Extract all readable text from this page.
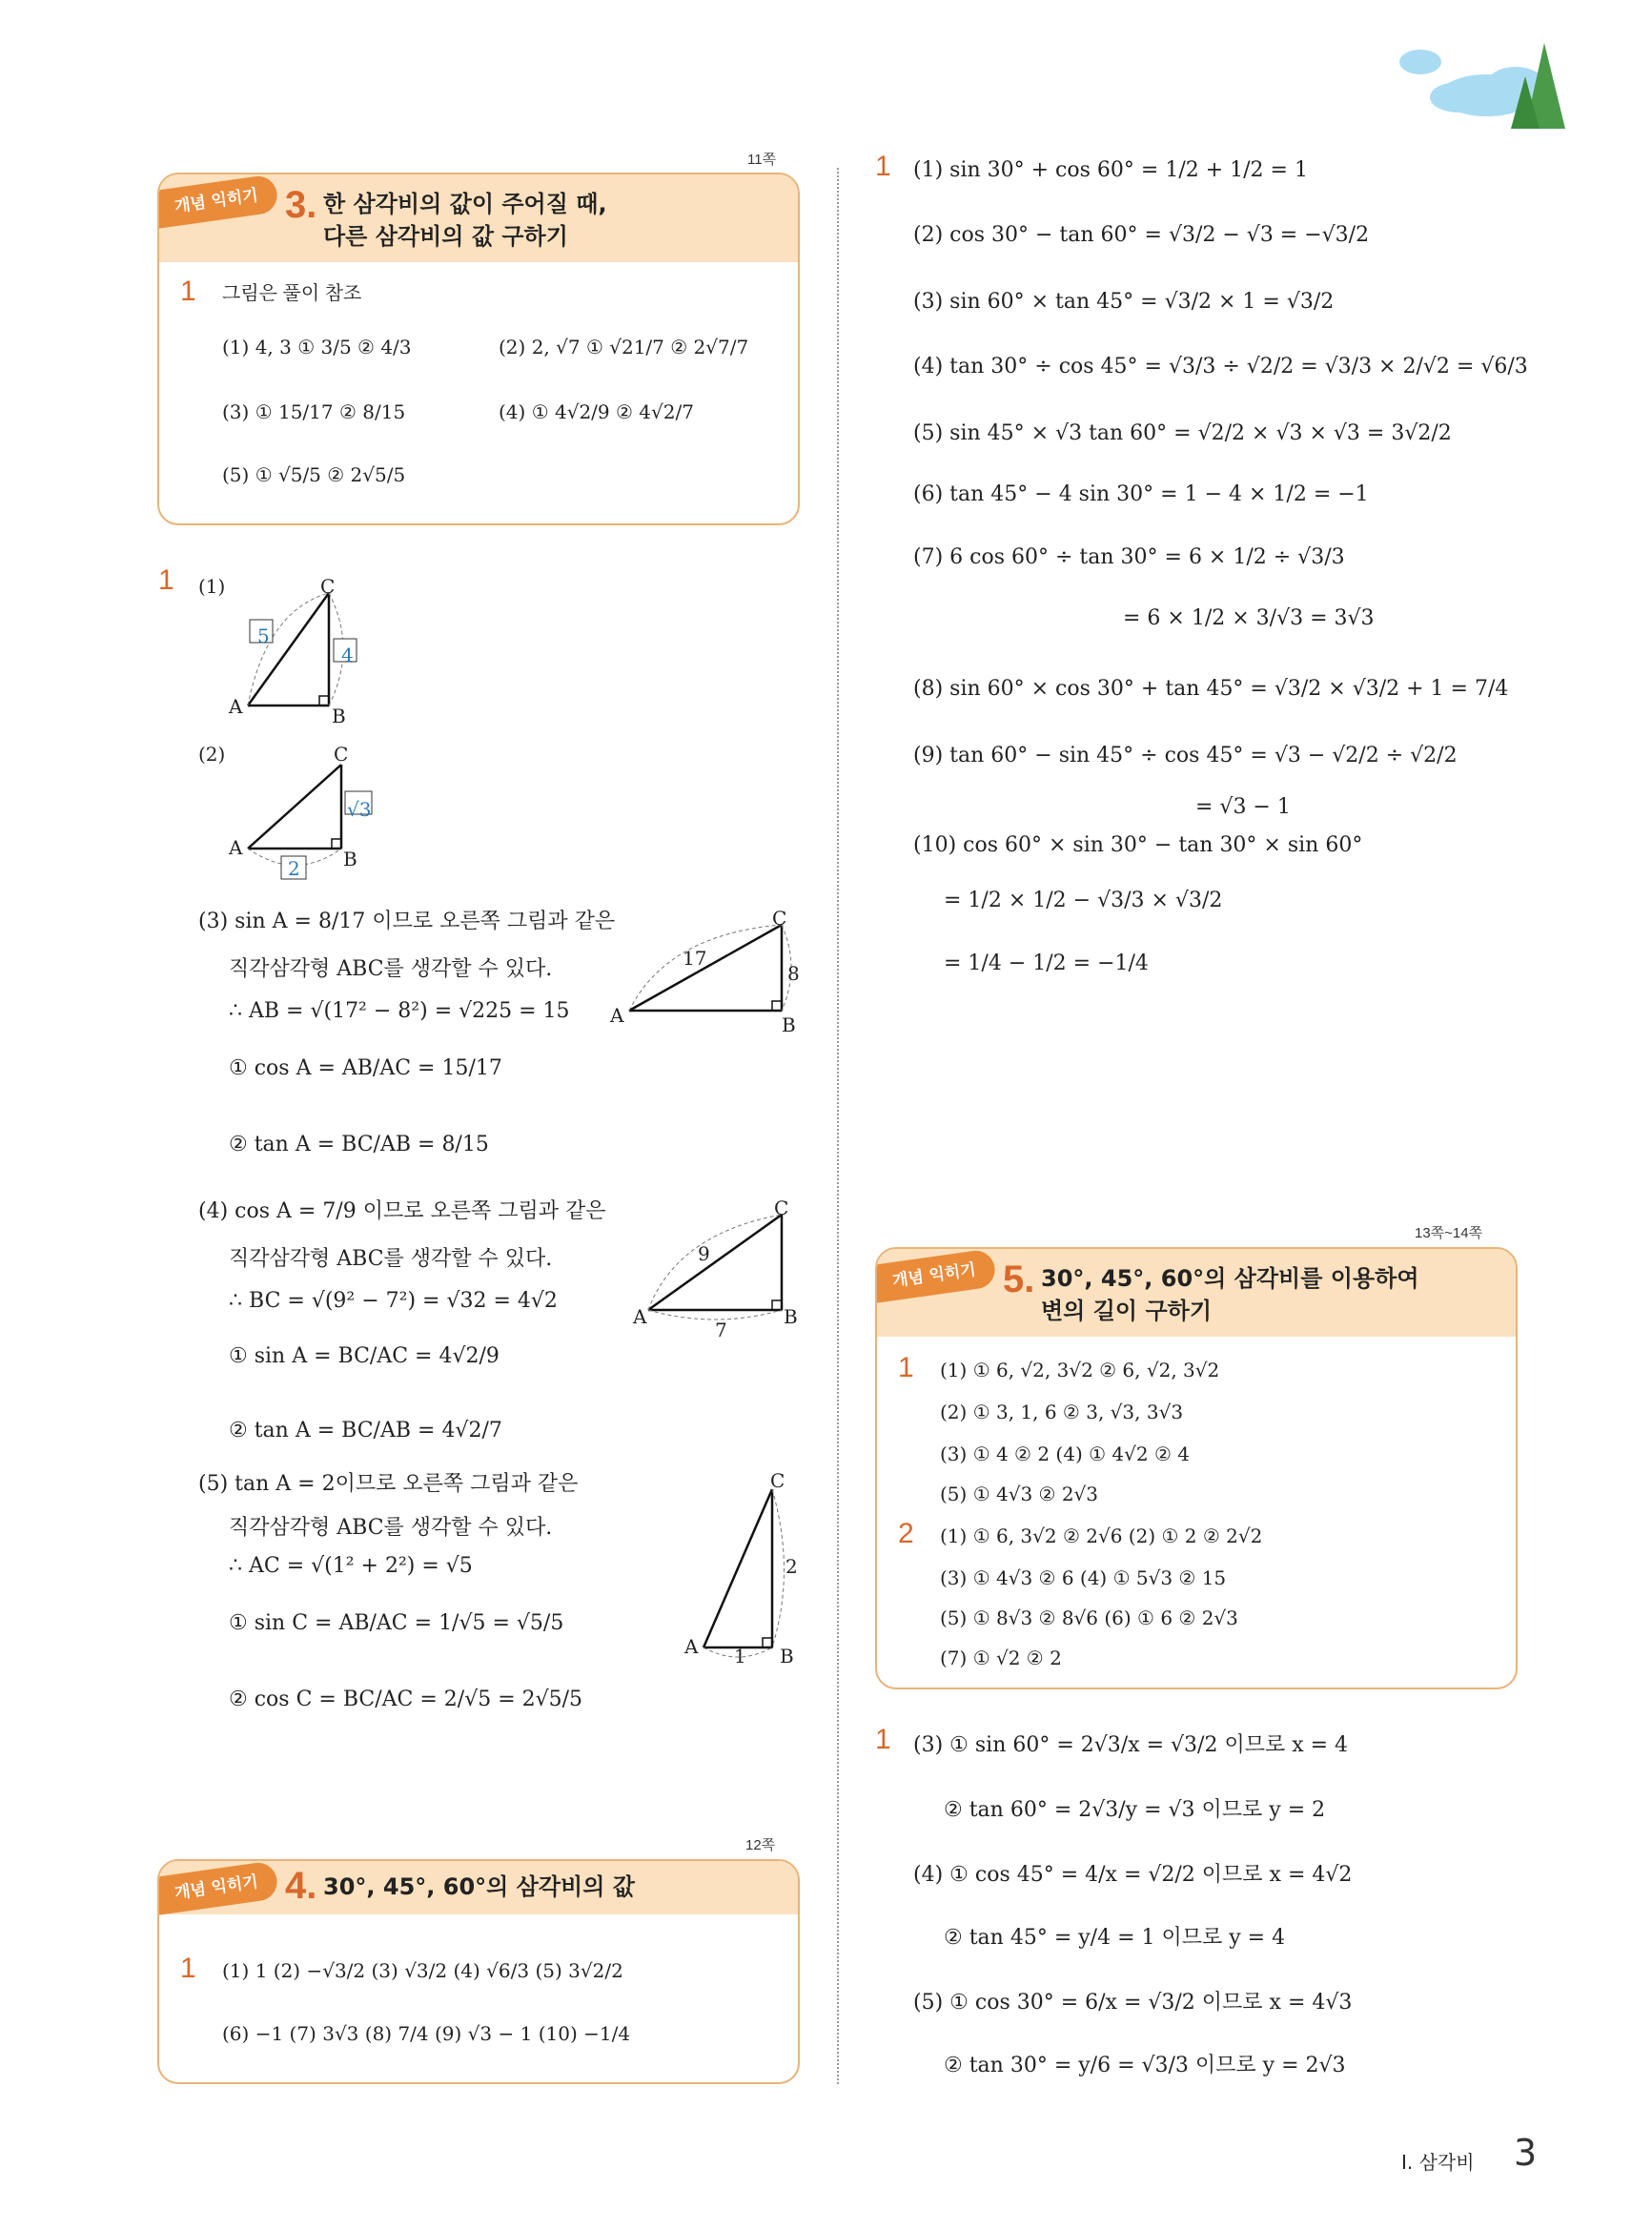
11쪽
개념 익히기 3. 한 삼각비의 값이 주어질 때,
다른 삼각비의 값 구하기
1 그림은 풀이 참조
(1) 4, 3 ① 3/5 ② 4/3	(2) 2, √7 ① √21/7 ② 2√7/7
(3) ① 15/17 ② 8/15	(4) ① 4√2/9 ② 4√2/7
(5) ① √5/5 ② 2√5/5
1 (1)	C
A	B
5
4
(2)	C
A	B
√3
2
(3) sin A = 8/17 이므로 오른쪽 그림과 같은
직각삼각형 ABC를 생각할 수 있다.
∴ AB = √(17² − 8²) = √225 = 15
① cos A = AB/AC = 15/17
② tan A = BC/AB = 8/15
C
A	B
17
8
(4) cos A = 7/9 이므로 오른쪽 그림과 같은
직각삼각형 ABC를 생각할 수 있다.
∴ BC = √(9² − 7²) = √32 = 4√2
① sin A = BC/AC = 4√2/9
② tan A = BC/AB = 4√2/7
C
A	B
9
7
(5) tan A = 2이므로 오른쪽 그림과 같은
직각삼각형 ABC를 생각할 수 있다.
∴ AC = √(1² + 2²) = √5
① sin C = AB/AC = 1/√5 = √5/5
② cos C = BC/AC = 2/√5 = 2√5/5
C
A	B
1
2
12쪽
개념 익히기 4. 30°, 45°, 60°의 삼각비의 값
1 (1) 1 (2) −√3/2 (3) √3/2 (4) √6/3 (5) 3√2/2
(6) −1 (7) 3√3 (8) 7/4 (9) √3 − 1 (10) −1/4
1 (1) sin 30° + cos 60° = 1/2 + 1/2 = 1
(2) cos 30° − tan 60° = √3/2 − √3 = −√3/2
(3) sin 60° × tan 45° = √3/2 × 1 = √3/2
(4) tan 30° ÷ cos 45° = √3/3 ÷ √2/2 = √3/3 × 2/√2 = √6/3
(5) sin 45° × √3 tan 60° = √2/2 × √3 × √3 = 3√2/2
(6) tan 45° − 4 sin 30° = 1 − 4 × 1/2 = −1
(7) 6 cos 60° ÷ tan 30° = 6 × 1/2 ÷ √3/3
= 6 × 1/2 × 3/√3 = 3√3
(8) sin 60° × cos 30° + tan 45° = √3/2 × √3/2 + 1 = 7/4
(9) tan 60° − sin 45° ÷ cos 45° = √3 − √2/2 ÷ √2/2
= √3 − 1
(10) cos 60° × sin 30° − tan 30° × sin 60°
= 1/2 × 1/2 − √3/3 × √3/2
= 1/4 − 1/2 = −1/4
13쪽~14쪽
개념 익히기 5. 30°, 45°, 60°의 삼각비를 이용하여
변의 길이 구하기
1 (1) ① 6, √2, 3√2 ② 6, √2, 3√2
(2) ① 3, 1, 6 ② 3, √3, 3√3
(3) ① 4 ② 2 (4) ① 4√2 ② 4
(5) ① 4√3 ② 2√3
2 (1) ① 6, 3√2 ② 2√6 (2) ① 2 ② 2√2
(3) ① 4√3 ② 6 (4) ① 5√3 ② 15
(5) ① 8√3 ② 8√6 (6) ① 6 ② 2√3
(7) ① √2 ② 2
1 (3) ① sin 60° = 2√3/x = √3/2 이므로 x = 4
② tan 60° = 2√3/y = √3 이므로 y = 2
(4) ① cos 45° = 4/x = √2/2 이므로 x = 4√2
② tan 45° = y/4 = 1 이므로 y = 4
(5) ① cos 30° = 6/x = √3/2 이므로 x = 4√3
② tan 30° = y/6 = √3/3 이므로 y = 2√3
Ⅰ. 삼각비 3
